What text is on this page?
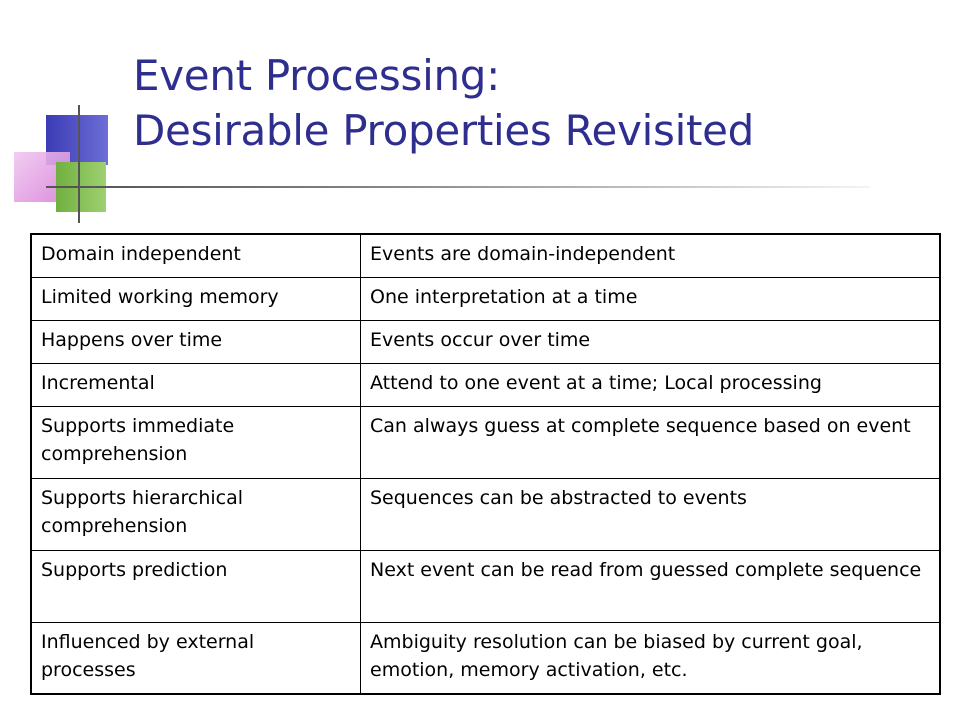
Event Processing:
Desirable Properties Revisited
Domain independent	Events are domain-independent
Limited working memory	One interpretation at a time
Happens over time	Events occur over time
Incremental	Attend to one event at a time; Local processing
Supports immediate comprehension	Can always guess at complete sequence based on event
Supports hierarchical comprehension	Sequences can be abstracted to events
Supports prediction	Next event can be read from guessed complete sequence
Influenced by external processes	Ambiguity resolution can be biased by current goal, emotion, memory activation, etc.
